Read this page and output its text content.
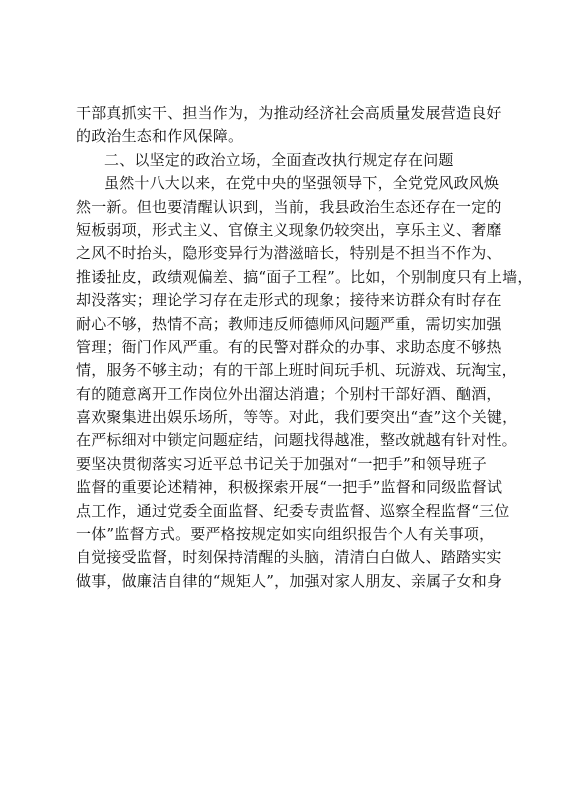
干部真抓实干、担当作为，为推动经济社会高质量发展营造良好
的政治生态和作风保障。
二、以坚定的政治立场，全面查改执行规定存在问题
虽然十八大以来，在党中央的坚强领导下，全党党风政风焕
然一新。但也要清醒认识到，当前，我县政治生态还存在一定的
短板弱项，形式主义、官僚主义现象仍较突出，享乐主义、奢靡
之风不时抬头，隐形变异行为潜滋暗长，特别是不担当不作为、
推诿扯皮，政绩观偏差、搞“面子工程”。比如，个别制度只有上墙，
却没落实；理论学习存在走形式的现象；接待来访群众有时存在
耐心不够，热情不高；教师违反师德师风问题严重，需切实加强
管理；衙门作风严重。有的民警对群众的办事、求助态度不够热
情，服务不够主动；有的干部上班时间玩手机、玩游戏、玩淘宝，
有的随意离开工作岗位外出溜达消遣；个别村干部好酒、酗酒，
喜欢聚集进出娱乐场所，等等。对此，我们要突出“查”这个关键，
在严标细对中锁定问题症结，问题找得越准，整改就越有针对性。
要坚决贯彻落实习近平总书记关于加强对“一把手”和领导班子
监督的重要论述精神，积极探索开展“一把手”监督和同级监督试
点工作，通过党委全面监督、纪委专责监督、巡察全程监督“三位
一体”监督方式。要严格按规定如实向组织报告个人有关事项，
自觉接受监督，时刻保持清醒的头脑，清清白白做人、踏踏实实
做事，做廉洁自律的“规矩人”，加强对家人朋友、亲属子女和身
